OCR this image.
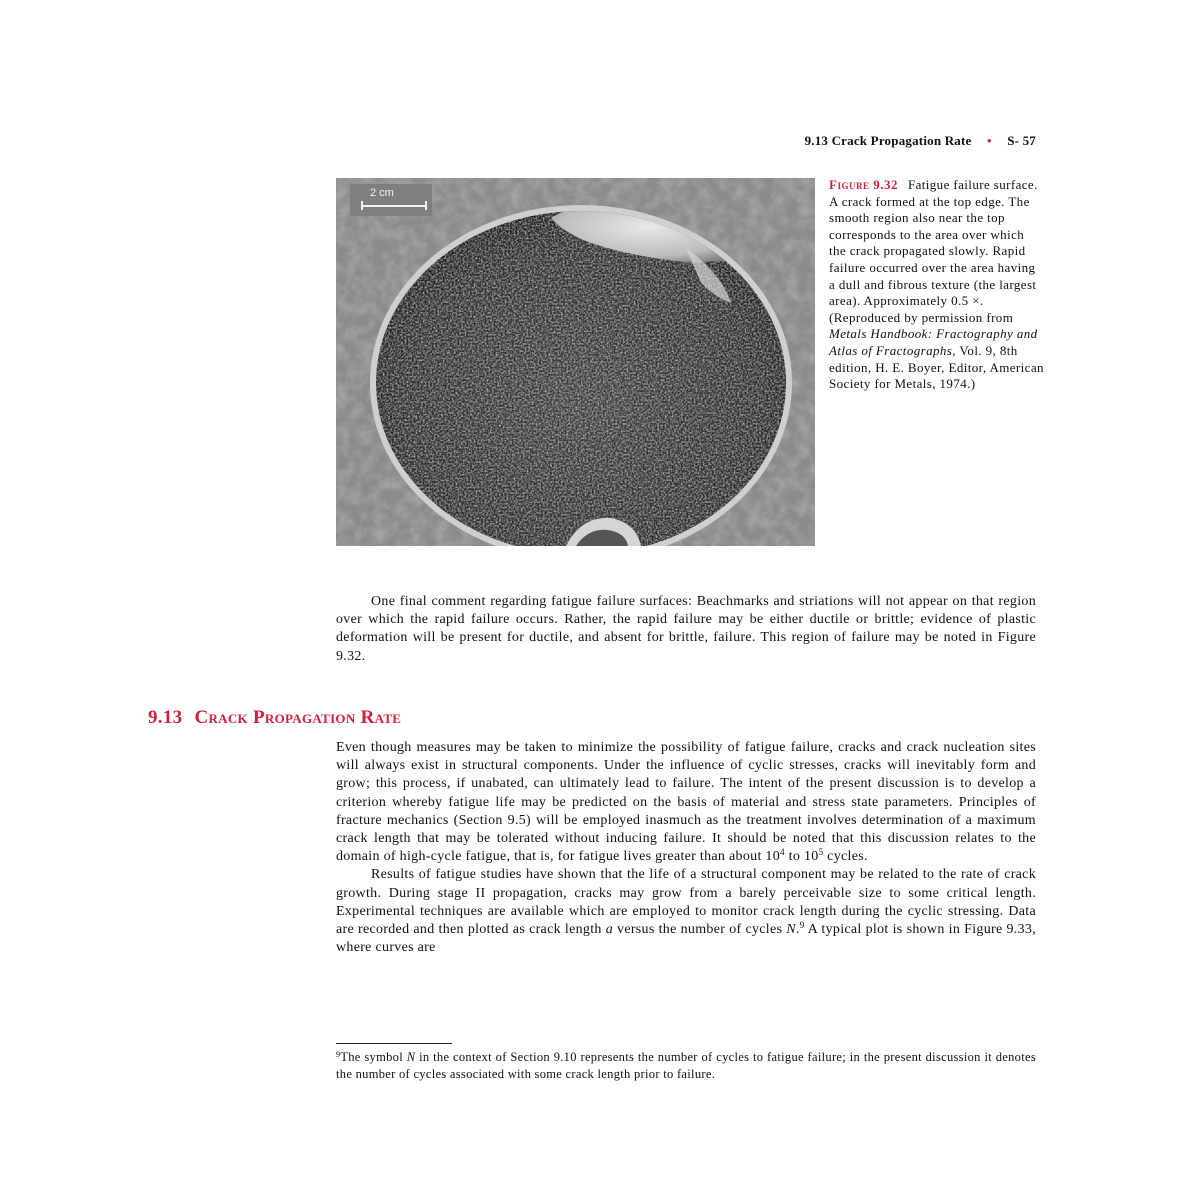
9.13 Crack Propagation Rate • S- 57
2 cm
Figure 9.32 Fatigue failure surface. A crack formed at the top edge. The smooth region also near the top corresponds to the area over which the crack propagated slowly. Rapid failure occurred over the area having a dull and fibrous texture (the largest area). Approximately 0.5 ×. (Reproduced by permission from Metals Handbook: Fractography and Atlas of Fractographs, Vol. 9, 8th edition, H. E. Boyer, Editor, American Society for Metals, 1974.)

One final comment regarding fatigue failure surfaces: Beachmarks and striations will not appear on that region over which the rapid failure occurs. Rather, the rapid failure may be either ductile or brittle; evidence of plastic deformation will be present for ductile, and absent for brittle, failure. This region of failure may be noted in Figure 9.32.

9.13 Crack Propagation Rate

Even though measures may be taken to minimize the possibility of fatigue failure, cracks and crack nucleation sites will always exist in structural components. Under the influence of cyclic stresses, cracks will inevitably form and grow; this process, if unabated, can ultimately lead to failure. The intent of the present discussion is to develop a criterion whereby fatigue life may be predicted on the basis of material and stress state parameters. Principles of fracture mechanics (Section 9.5) will be employed inasmuch as the treatment involves determination of a maximum crack length that may be tolerated without inducing failure. It should be noted that this discussion relates to the domain of high-cycle fatigue, that is, for fatigue lives greater than about $10^4$ to $10^5$ cycles.

Results of fatigue studies have shown that the life of a structural component may be related to the rate of crack growth. During stage II propagation, cracks may grow from a barely perceivable size to some critical length. Experimental techniques are available which are employed to monitor crack length during the cyclic stressing. Data are recorded and then plotted as crack length a versus the number of cycles N.$^9$ A typical plot is shown in Figure 9.33, where curves are

$^9$The symbol N in the context of Section 9.10 represents the number of cycles to fatigue failure; in the present discussion it denotes the number of cycles associated with some crack length prior to failure.
